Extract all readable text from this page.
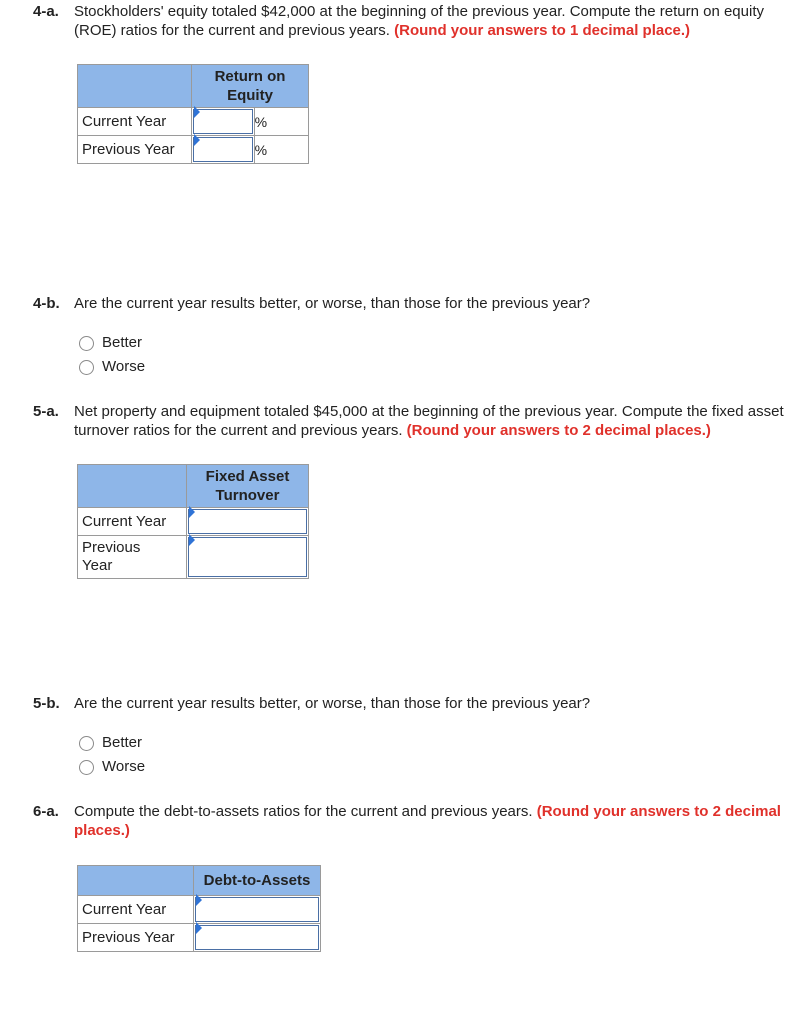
4-a. Stockholders' equity totaled $42,000 at the beginning of the previous year. Compute the return on equity (ROE) ratios for the current and previous years. (Round your answers to 1 decimal place.)
	Return on Equity	
Current Year		%
Previous Year		%
4-b. Are the current year results better, or worse, than those for the previous year?
Better
Worse
5-a. Net property and equipment totaled $45,000 at the beginning of the previous year. Compute the fixed asset turnover ratios for the current and previous years. (Round your answers to 2 decimal places.)
	Fixed Asset Turnover
Current Year	

Previous Year	
5-b. Are the current year results better, or worse, than those for the previous year?
Better
Worse
6-a. Compute the debt-to-assets ratios for the current and previous years. (Round your answers to 2 decimal places.)
	Debt-to-Assets
Current Year	

Previous Year	
